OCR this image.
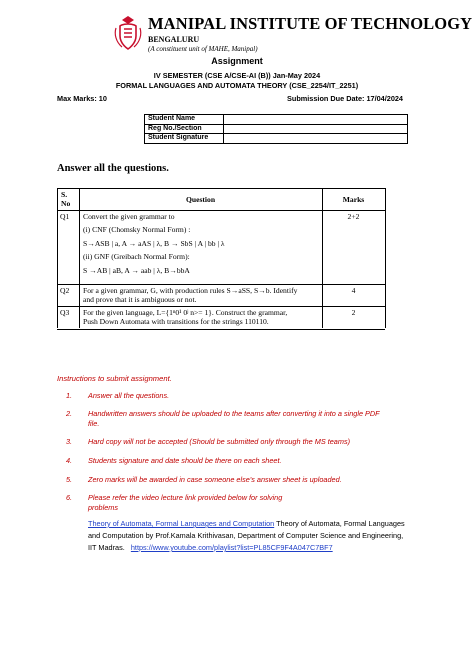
MANIPAL INSTITUTE OF TECHNOLOGY
BENGALURU
(A constituent unit of MAHE, Manipal)
Assignment
IV SEMESTER (CSE A/CSE-AI (B)) Jan-May 2024
FORMAL LANGUAGES AND AUTOMATA THEORY (CSE_2254/IT_2251)
Max Marks: 10	Submission Due Date: 17/04/2024
Student Name	
Reg No./Section	
Student Signature	
Answer all the questions.
S. No	Question	Marks
Q1 Convert the given grammar to
(i) CNF (Chomsky Normal Form) :
S→ASB | a, A → aAS | λ, B → SbS | A | bb | λ
(ii) GNF (Greibach Normal Form):
S →AB | aB, A → aab | λ, B→bbA
2+2
Q2 For a given grammar, G, with production rules S→aSS, S→b. Identify
and prove that it is ambiguous or not.
4
Q3 For the given language, L={1ⁿ0¹ 0ʲ n>= 1}. Construct the grammar,
Push Down Automata with transitions for the strings 110110.
2
Instructions to submit assignment.
1. Answer all the questions.
2. Handwritten answers should be uploaded to the teams after converting it into a single PDF file.
3. Hard copy will not be accepted (Should be submitted only through the MS teams)
4. Students signature and date should be there on each sheet.
5. Zero marks will be awarded in case someone else's answer sheet is uploaded.
6. Please refer the video lecture link provided below for solving problems
Theory of Automata, Formal Languages and Computation Theory of Automata, Formal Languages and Computation by Prof.Kamala Krithivasan, Department of Computer Science and Engineering, IIT Madras. https://www.youtube.com/playlist?list=PL85CF9F4A047C7BF7
